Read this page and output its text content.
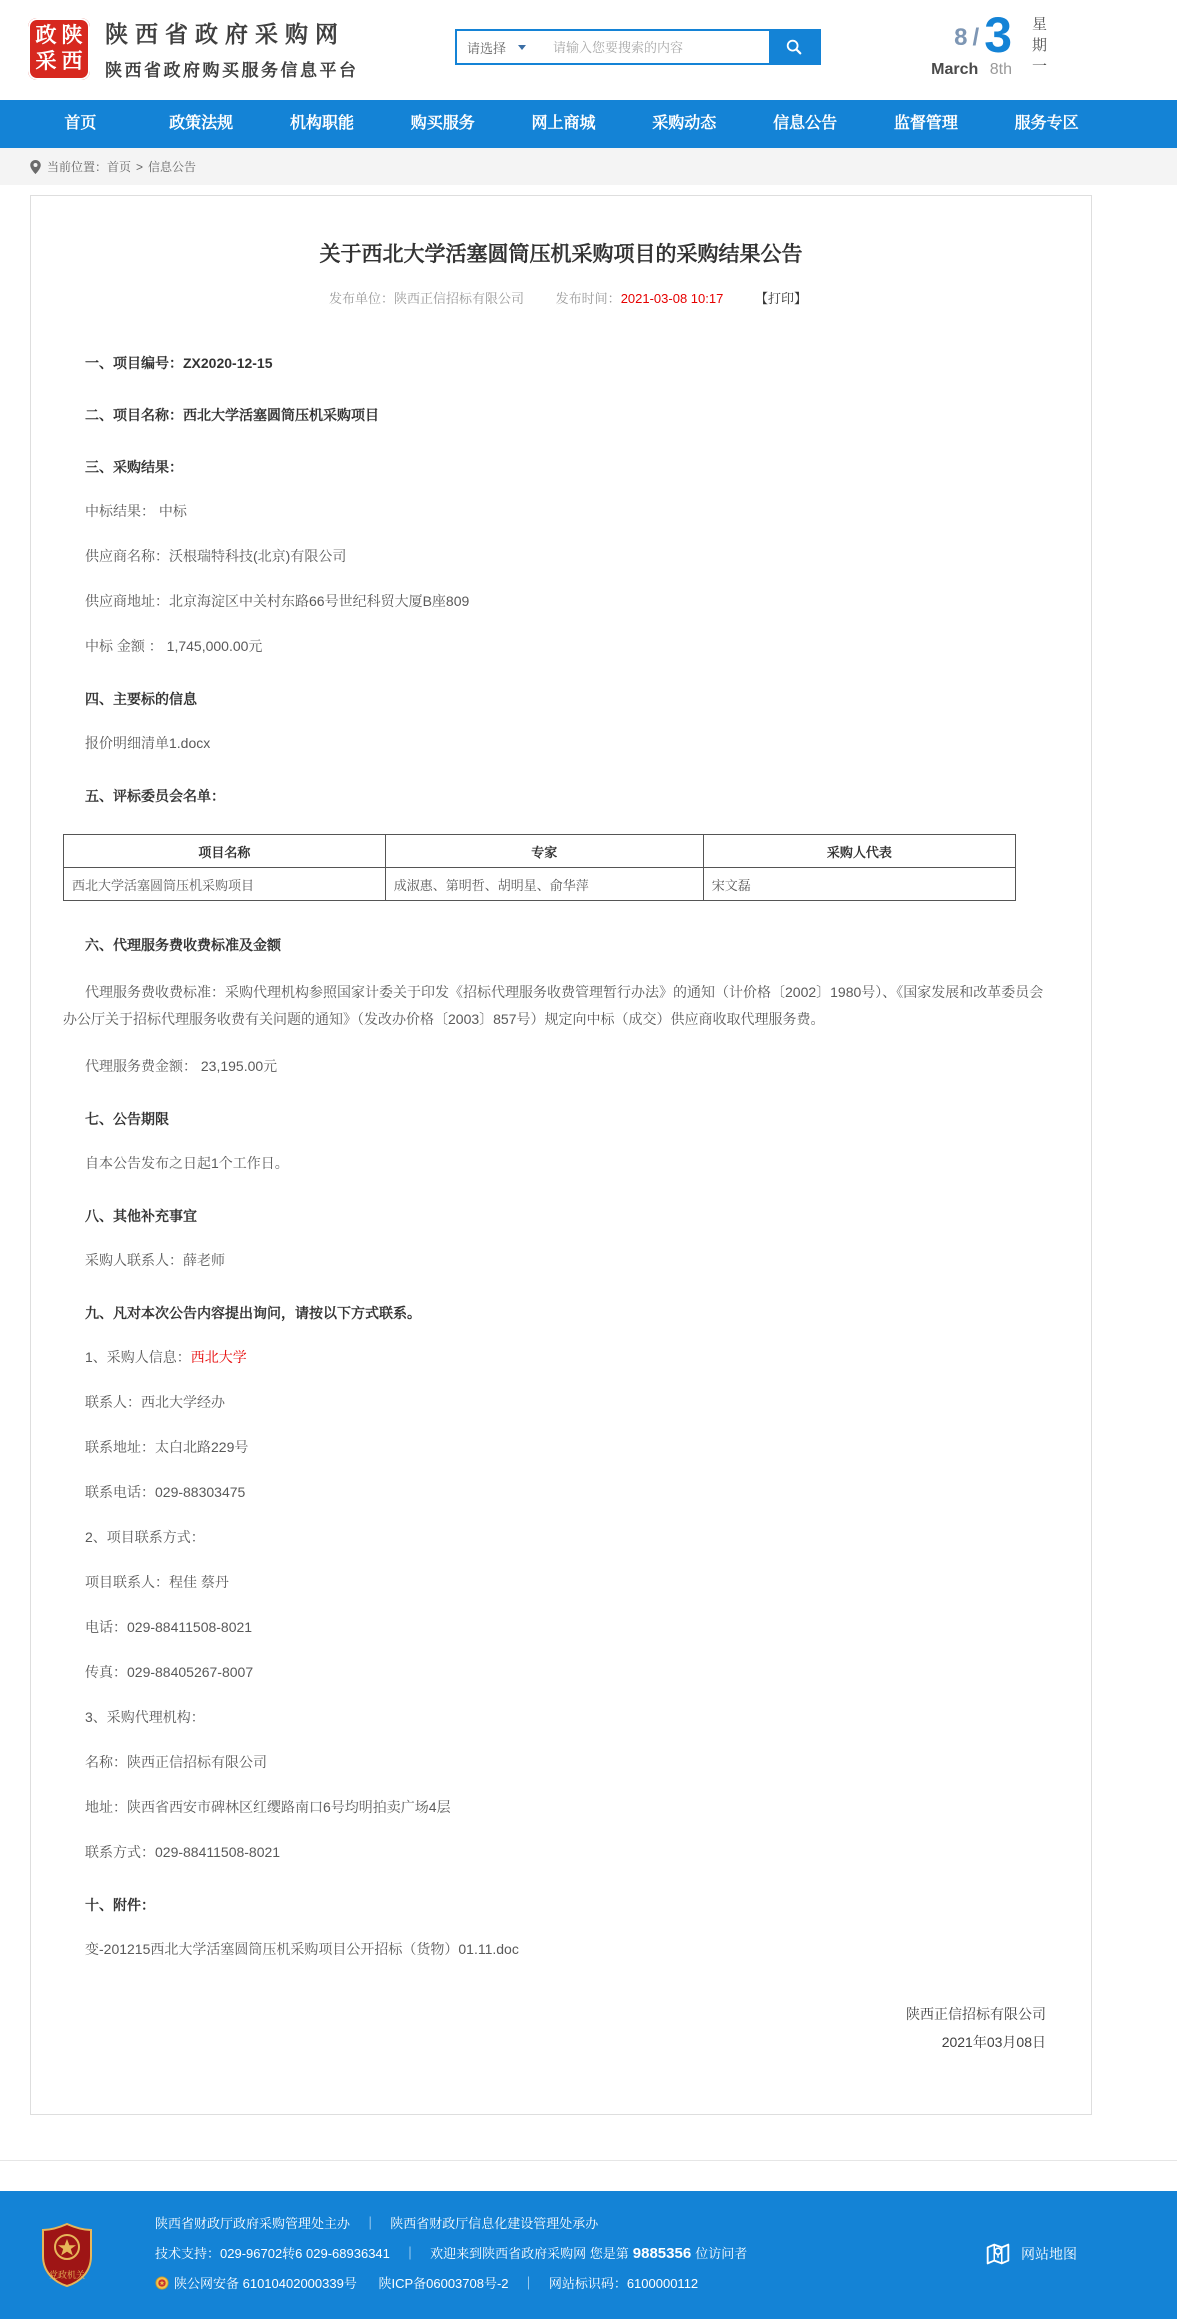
政 陕
采 西
陕西省政府采购网
陕西省政府购买服务信息平台
请选择
请输入您要搜索的内容	8 / 3
March 8th 星期一
首页	政策法规	机构职能	购买服务	网上商城	采购动态	信息公告	监督管理	服务专区
当前位置： 首页 > 信息公告
关于西北大学活塞圆筒压机采购项目的采购结果公告
发布单位：陕西正信招标有限公司 发布时间：2021-03-08 10:17 【打印】
一、项目编号：ZX2020-12-15
二、项目名称：西北大学活塞圆筒压机采购项目
三、采购结果：
中标结果： 中标
供应商名称：沃根瑞特科技(北京)有限公司
供应商地址：北京海淀区中关村东路66号世纪科贸大厦B座809
中标 金额 ： 1,745,000.00元
四、主要标的信息
报价明细清单1.docx
五、评标委员会名单：
项目名称	专家	采购人代表
西北大学活塞圆筒压机采购项目	成淑惠、第明哲、胡明星、俞华萍	宋文磊
六、代理服务费收费标准及金额
代理服务费收费标准：采购代理机构参照国家计委关于印发《招标代理服务收费管理暂行办法》的通知（计价格〔2002〕1980号）、《国家发展和改革委员会办公厅关于招标代理服务收费有关问题的通知》（发改办价格〔2003〕857号）规定向中标（成交）供应商收取代理服务费。
代理服务费金额： 23,195.00元
七、公告期限
自本公告发布之日起1个工作日。
八、其他补充事宜
采购人联系人：薛老师
九、凡对本次公告内容提出询问，请按以下方式联系。
1、采购人信息：西北大学
联系人：西北大学经办
联系地址：太白北路229号
联系电话：029-88303475
2、项目联系方式：
项目联系人：程佳 蔡丹
电话：029-88411508-8021
传真：029-88405267-8007
3、采购代理机构：
名称：陕西正信招标有限公司
地址：陕西省西安市碑林区红缨路南口6号均明拍卖广场4层
联系方式：029-88411508-8021
十、附件：
变-201215西北大学活塞圆筒压机采购项目公开招标（货物）01.11.doc
陕西正信招标有限公司
2021年03月08日
党政机关
陕西省财政厅政府采购管理处主办 ｜ 陕西省财政厅信息化建设管理处承办
技术支持：029-96702转6 029-68936341 ｜ 欢迎来到陕西省政府采购网 您是第 9885356 位访问者
陕公网安备 61010402000339号 陕ICP备06003708号-2 ｜ 网站标识码：6100000112
网站地图
